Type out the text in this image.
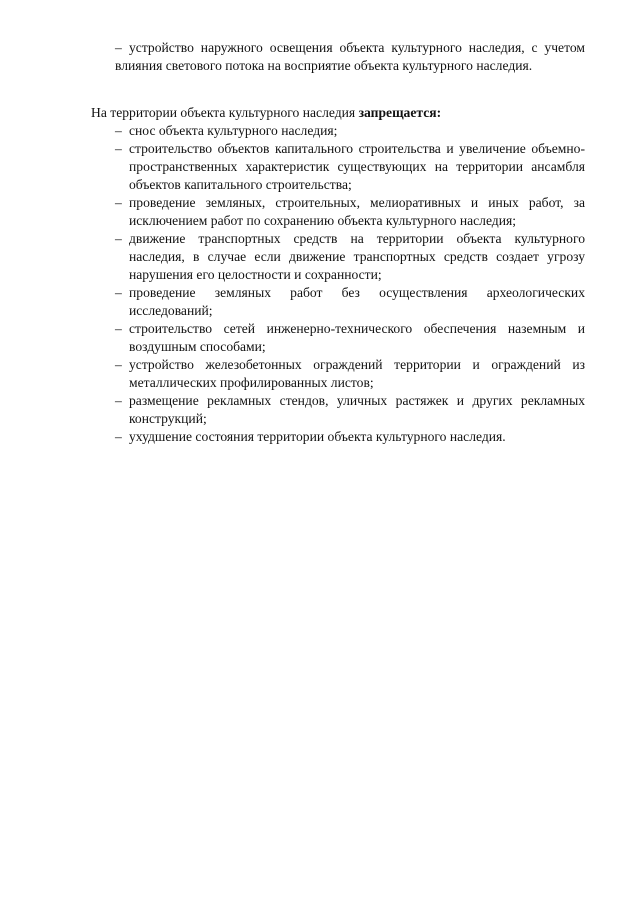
– устройство наружного освещения объекта культурного наследия, с учетом влияния светового потока на восприятие объекта культурного наследия.
На территории объекта культурного наследия запрещается:
– снос объекта культурного наследия;
– строительство объектов капитального строительства и увеличение объемно-пространственных характеристик существующих на территории ансамбля объектов капитального строительства;
– проведение земляных, строительных, мелиоративных и иных работ, за исключением работ по сохранению объекта культурного наследия;
– движение транспортных средств на территории объекта культурного наследия, в случае если движение транспортных средств создает угрозу нарушения его целостности и сохранности;
– проведение земляных работ без осуществления археологических исследований;
– строительство сетей инженерно-технического обеспечения наземным и воздушным способами;
– устройство железобетонных ограждений территории и ограждений из металлических профилированных листов;
– размещение рекламных стендов, уличных растяжек и других рекламных конструкций;
– ухудшение состояния территории объекта культурного наследия.
